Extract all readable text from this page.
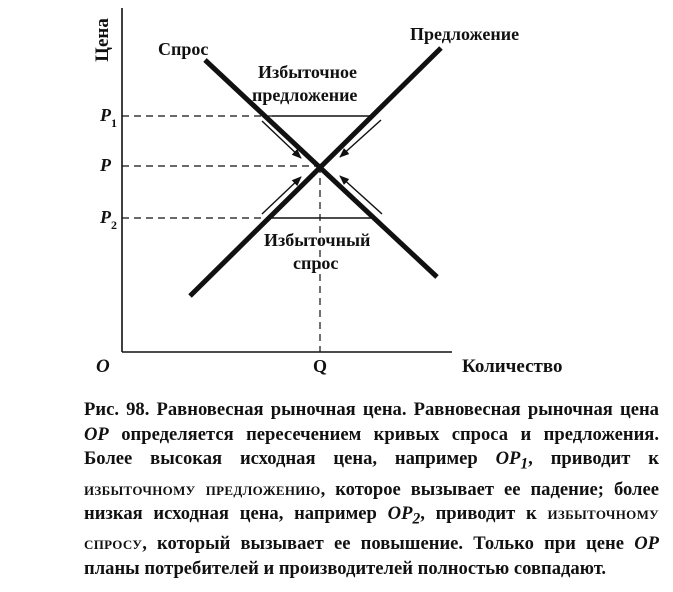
Цена
Количество
O	Q
P
P 1
P 2
Спрос
Предложение
Избыточное
предложение
Избыточный
спрос
Рис. 98. Равновесная рыночная цена. Равновесная рыночная цена OP определяется пересечением кривых спроса и предложения. Более высокая исходная цена, например $OP_1$, приводит к избыточному предложению, которое вызывает ее падение; более низкая исходная цена, например $OP_2$, приводит к избыточному спросу, который вызывает ее повышение. Только при цене OP планы потребителей и производителей полностью совпадают.
